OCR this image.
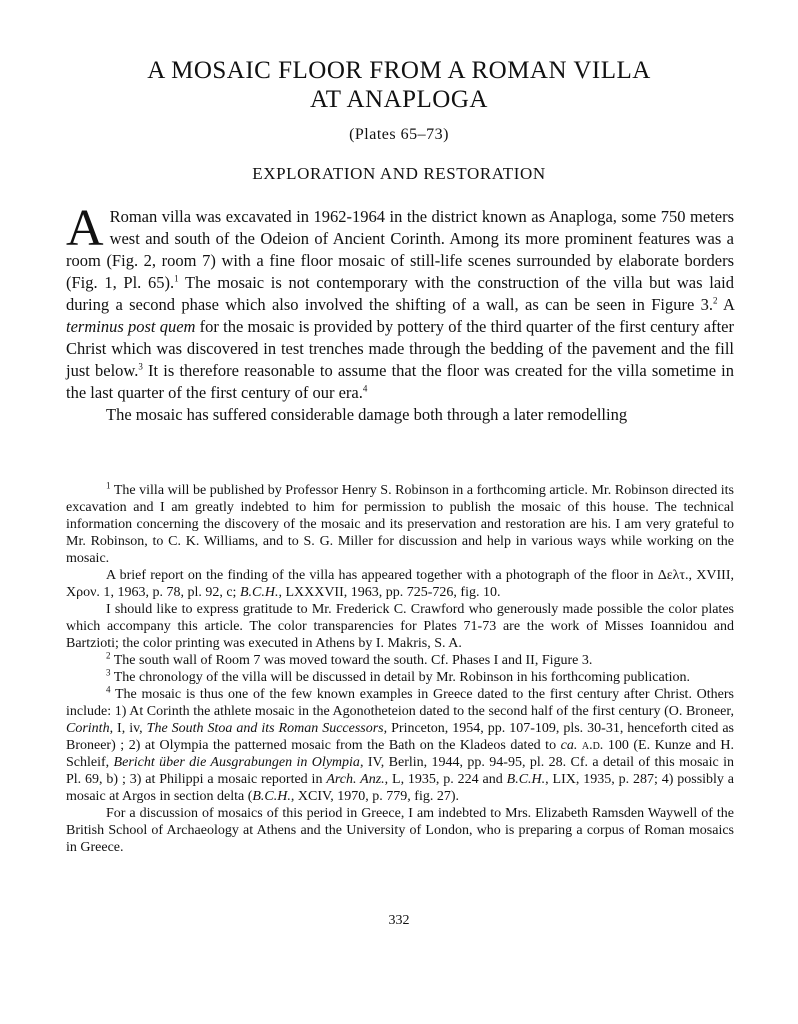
A MOSAIC FLOOR FROM A ROMAN VILLA
AT ANAPLOGA
(Plates 65–73)
EXPLORATION AND RESTORATION

A Roman villa was excavated in 1962-1964 in the district known as Anaploga, some 750 meters west and south of the Odeion of Ancient Corinth. Among its more prominent features was a room (Fig. 2, room 7) with a fine floor mosaic of still-life scenes surrounded by elaborate borders (Fig. 1, Pl. 65).$^1$ The mosaic is not contemporary with the construction of the villa but was laid during a second phase which also involved the shifting of a wall, as can be seen in Figure 3.$^2$ A terminus post quem for the mosaic is provided by pottery of the third quarter of the first century after Christ which was discovered in test trenches made through the bedding of the pavement and the fill just below.$^3$ It is therefore reasonable to assume that the floor was created for the villa sometime in the last quarter of the first century of our era.$^4$

The mosaic has suffered considerable damage both through a later remodelling

$^1$ The villa will be published by Professor Henry S. Robinson in a forthcoming article. Mr. Robinson directed its excavation and I am greatly indebted to him for permission to publish the mosaic of this house. The technical information concerning the discovery of the mosaic and its preservation and restoration are his. I am very grateful to Mr. Robinson, to C. K. Williams, and to S. G. Miller for discussion and help in various ways while working on the mosaic.

A brief report on the finding of the villa has appeared together with a photograph of the floor in Δελτ., XVIII, Χρον. 1, 1963, p. 78, pl. 92, c; B.C.H., LXXXVII, 1963, pp. 725-726, fig. 10.

I should like to express gratitude to Mr. Frederick C. Crawford who generously made possible the color plates which accompany this article. The color transparencies for Plates 71-73 are the work of Misses Ioannidou and Bartzioti; the color printing was executed in Athens by I. Makris, S. A.

$^2$ The south wall of Room 7 was moved toward the south. Cf. Phases I and II, Figure 3.

$^3$ The chronology of the villa will be discussed in detail by Mr. Robinson in his forthcoming publication.

$^4$ The mosaic is thus one of the few known examples in Greece dated to the first century after Christ. Others include: 1) At Corinth the athlete mosaic in the Agonotheteion dated to the second half of the first century (O. Broneer, Corinth, I, iv, The South Stoa and its Roman Successors, Princeton, 1954, pp. 107-109, pls. 30-31, henceforth cited as Broneer) ; 2) at Olympia the patterned mosaic from the Bath on the Kladeos dated to ca. a.d. 100 (E. Kunze and H. Schleif, Bericht über die Ausgrabungen in Olympia, IV, Berlin, 1944, pp. 94-95, pl. 28. Cf. a detail of this mosaic in Pl. 69, b) ; 3) at Philippi a mosaic reported in Arch. Anz., L, 1935, p. 224 and B.C.H., LIX, 1935, p. 287; 4) possibly a mosaic at Argos in section delta (B.C.H., XCIV, 1970, p. 779, fig. 27).

For a discussion of mosaics of this period in Greece, I am indebted to Mrs. Elizabeth Ramsden Waywell of the British School of Archaeology at Athens and the University of London, who is preparing a corpus of Roman mosaics in Greece.

332
